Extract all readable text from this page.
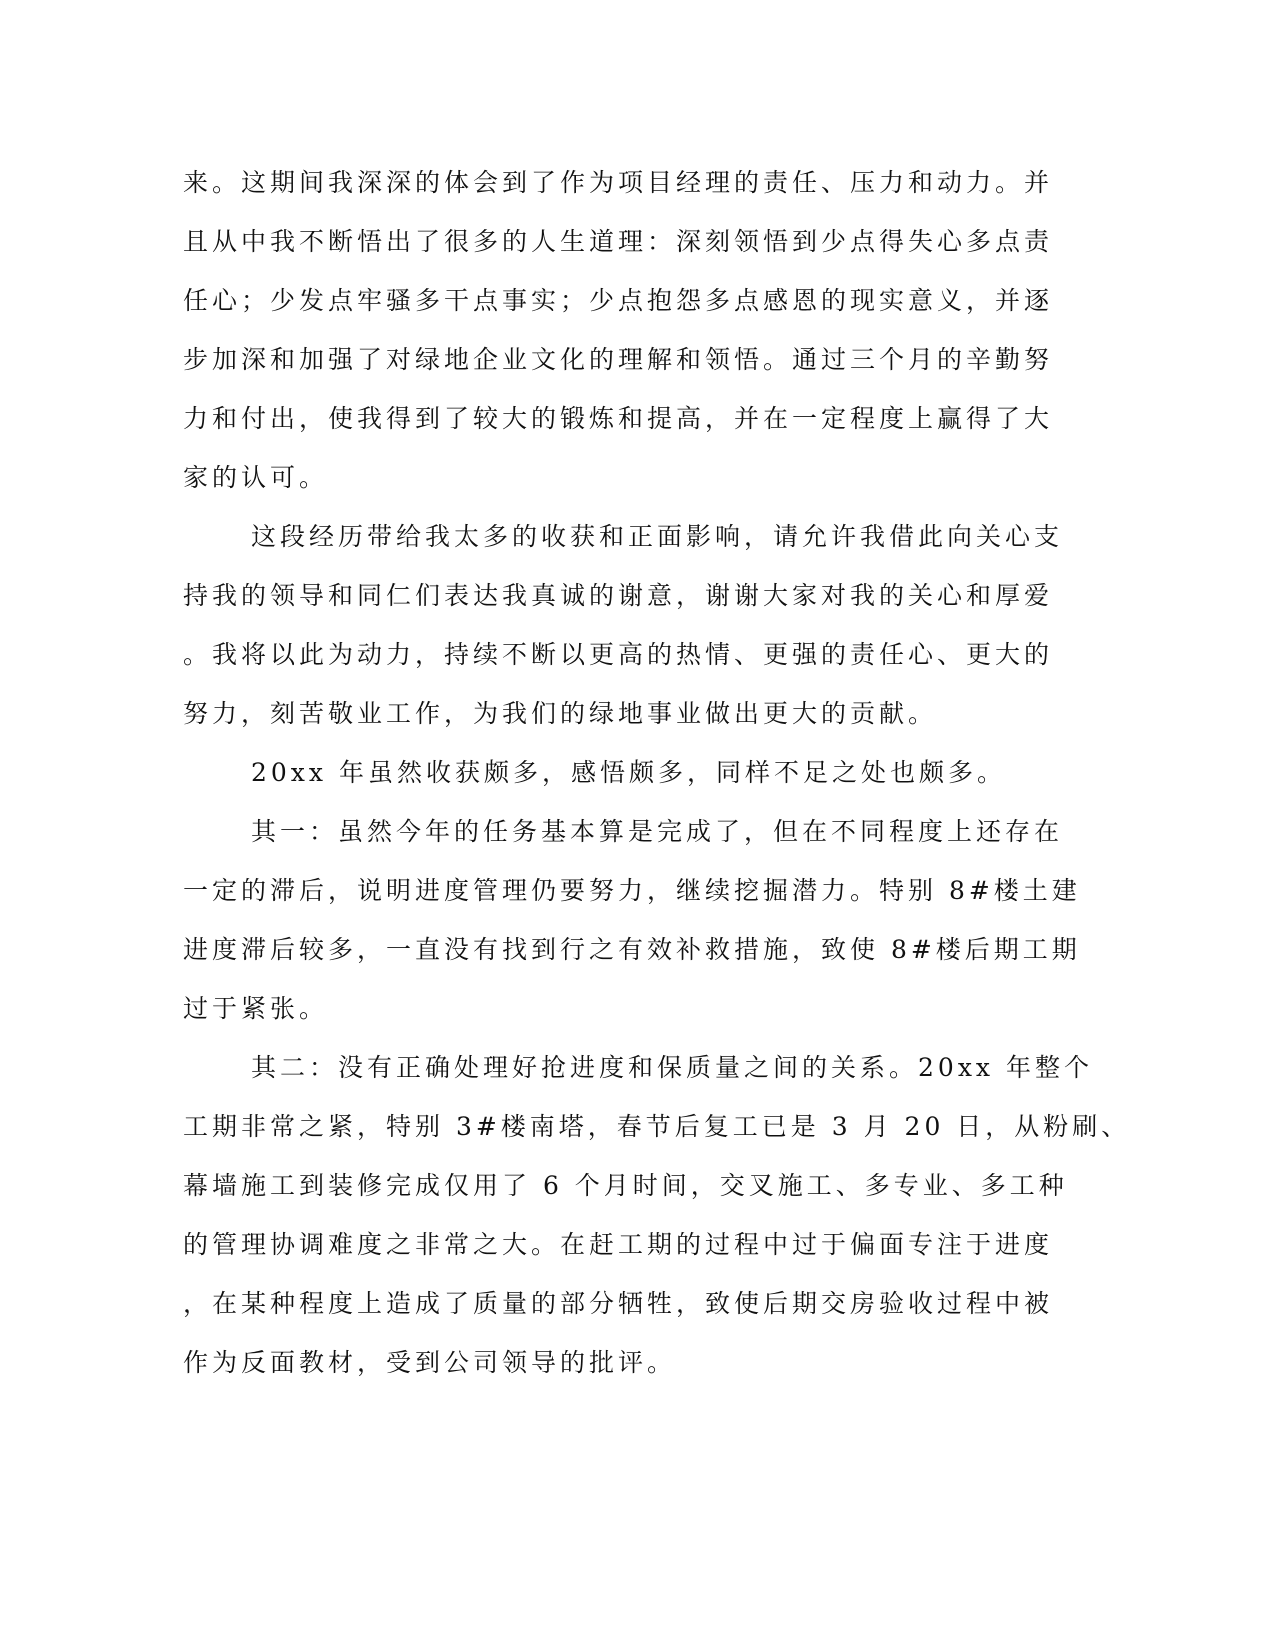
来。这期间我深深的体会到了作为项目经理的责任、压力和动力。并
且从中我不断悟出了很多的人生道理：深刻领悟到少点得失心多点责
任心；少发点牢骚多干点事实；少点抱怨多点感恩的现实意义，并逐
步加深和加强了对绿地企业文化的理解和领悟。通过三个月的辛勤努
力和付出，使我得到了较大的锻炼和提高，并在一定程度上赢得了大
家的认可。
这段经历带给我太多的收获和正面影响，请允许我借此向关心支
持我的领导和同仁们表达我真诚的谢意，谢谢大家对我的关心和厚爱
。我将以此为动力，持续不断以更高的热情、更强的责任心、更大的
努力，刻苦敬业工作，为我们的绿地事业做出更大的贡献。
20xx 年虽然收获颇多，感悟颇多，同样不足之处也颇多。
其一：虽然今年的任务基本算是完成了，但在不同程度上还存在
一定的滞后，说明进度管理仍要努力，继续挖掘潜力。特别 8#楼土建
进度滞后较多，一直没有找到行之有效补救措施，致使 8#楼后期工期
过于紧张。
其二：没有正确处理好抢进度和保质量之间的关系。20xx 年整个
工期非常之紧，特别 3#楼南塔，春节后复工已是 3 月 20 日，从粉刷、
幕墙施工到装修完成仅用了 6 个月时间，交叉施工、多专业、多工种
的管理协调难度之非常之大。在赶工期的过程中过于偏面专注于进度
，在某种程度上造成了质量的部分牺牲，致使后期交房验收过程中被
作为反面教材，受到公司领导的批评。
